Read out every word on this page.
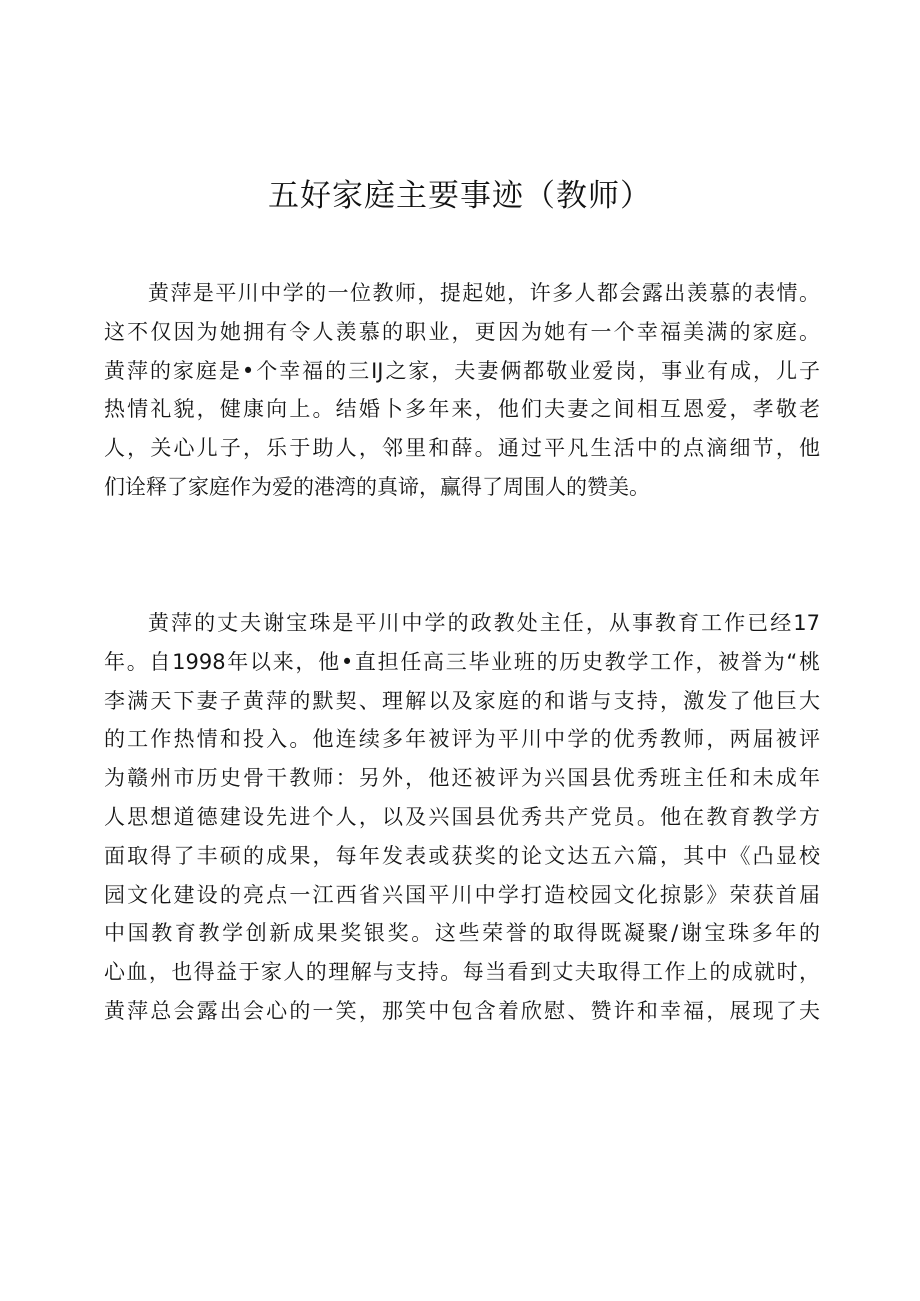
五好家庭主要事迹（教师）
黄萍是平川中学的一位教师，提起她，许多人都会露出羡慕的表情。
这不仅因为她拥有令人羡慕的职业，更因为她有一个幸福美满的家庭。
黄萍的家庭是•个幸福的三IJ之家，夫妻俩都敬业爱岗，事业有成，儿子
热情礼貌，健康向上。结婚卜多年来，他们夫妻之间相互恩爱，孝敬老
人，关心儿子，乐于助人，邻里和薛。通过平凡生活中的点滴细节，他
们诠释了家庭作为爱的港湾的真谛，赢得了周围人的赞美。
黄萍的丈夫谢宝珠是平川中学的政教处主任，从事教育工作已经17
年。自1998年以来，他•直担任高三毕业班的历史教学工作，被誉为“桃
李满天下妻子黄萍的默契、理解以及家庭的和谐与支持，激发了他巨大
的工作热情和投入。他连续多年被评为平川中学的优秀教师，两届被评
为赣州市历史骨干教师：另外，他还被评为兴国县优秀班主任和未成年
人思想道德建设先进个人，以及兴国县优秀共产党员。他在教育教学方
面取得了丰硕的成果，每年发表或获奖的论文达五六篇，其中《凸显校
园文化建设的亮点一江西省兴国平川中学打造校园文化掠影》荣获首届
中国教育教学创新成果奖银奖。这些荣誉的取得既凝聚/谢宝珠多年的
心血，也得益于家人的理解与支持。每当看到丈夫取得工作上的成就时，
黄萍总会露出会心的一笑，那笑中包含着欣慰、赞许和幸福，展现了夫
